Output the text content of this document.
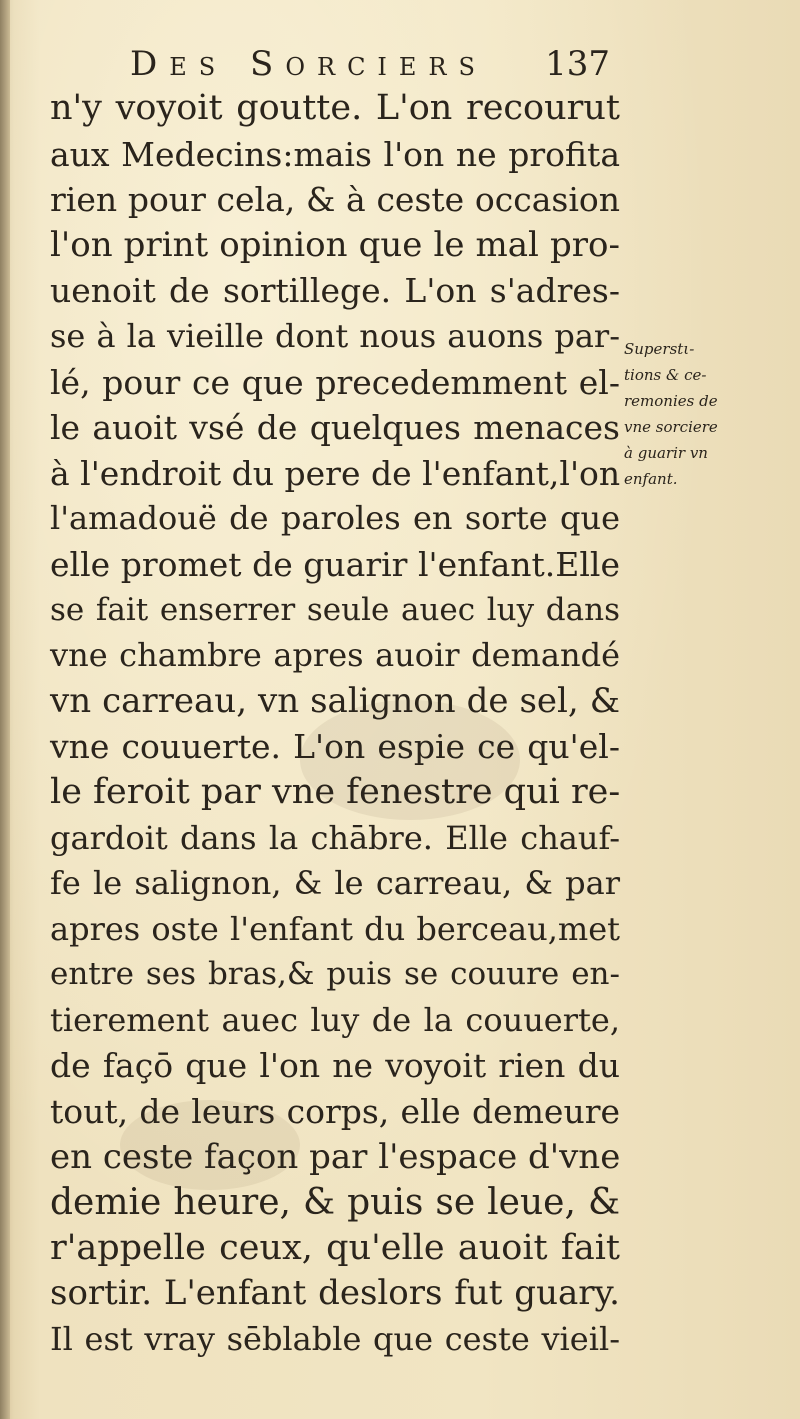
Des Sorciers 137
n'y voyoit goutte. L'on recourut
aux Medecins:mais l'on ne profita
rien pour cela, & à ceste occasion
l'on print opinion que le mal pro-
uenoit de sortillege. L'on s'adres-
se à la vieille dont nous auons par-
lé, pour ce que precedemment el-
le auoit vsé de quelques menaces
à l'endroit du pere de l'enfant,l'on
l'amadouë de paroles en sorte que
elle promet de guarir l'enfant.Elle
se fait enserrer seule auec luy dans
vne chambre apres auoir demandé
vn carreau, vn salignon de sel, &
vne couuerte. L'on espie ce qu'el-
le feroit par vne fenestre qui re-
gardoit dans la chābre. Elle chauf-
fe le salignon, & le carreau, & par
apres oste l'enfant du berceau,met
entre ses bras,& puis se couure en-
tierement auec luy de la couuerte,
de façō que l'on ne voyoit rien du
tout, de leurs corps, elle demeure
en ceste façon par l'espace d'vne
demie heure, & puis se leue, &
r'appelle ceux, qu'elle auoit fait
sortir. L'enfant deslors fut guary.
Il est vray sēblable que ceste vieil-
Superstι-
tions & ce-
remonies de
vne sorciere
à guarir vn
enfant.
